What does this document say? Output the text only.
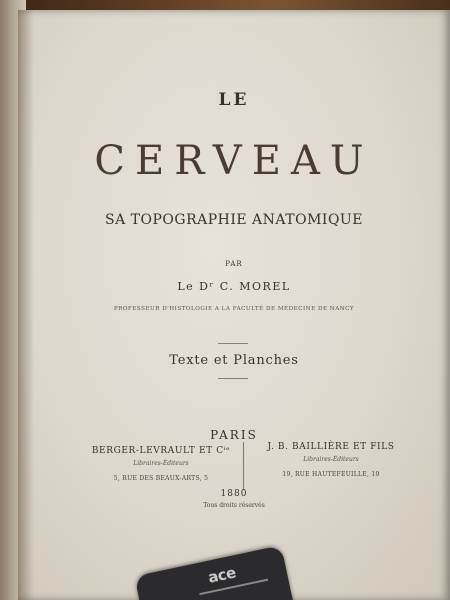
LE
CERVEAU
SA TOPOGRAPHIE ANATOMIQUE
PAR
Le Dʳ C. MOREL
PROFESSEUR D'HISTOLOGIE A LA FACULTÉ DE MÉDECINE DE NANCY
Texte et Planches
PARIS
BERGER-LEVRAULT ET Cⁱᵉ
Libraires-Éditeurs
5, RUE DES BEAUX-ARTS, 5
J. B. BAILLIÈRE ET FILS
Libraires-Éditeurs
19, RUE HAUTEFEUILLE, 19
1880
Tous droits réservés
ace
